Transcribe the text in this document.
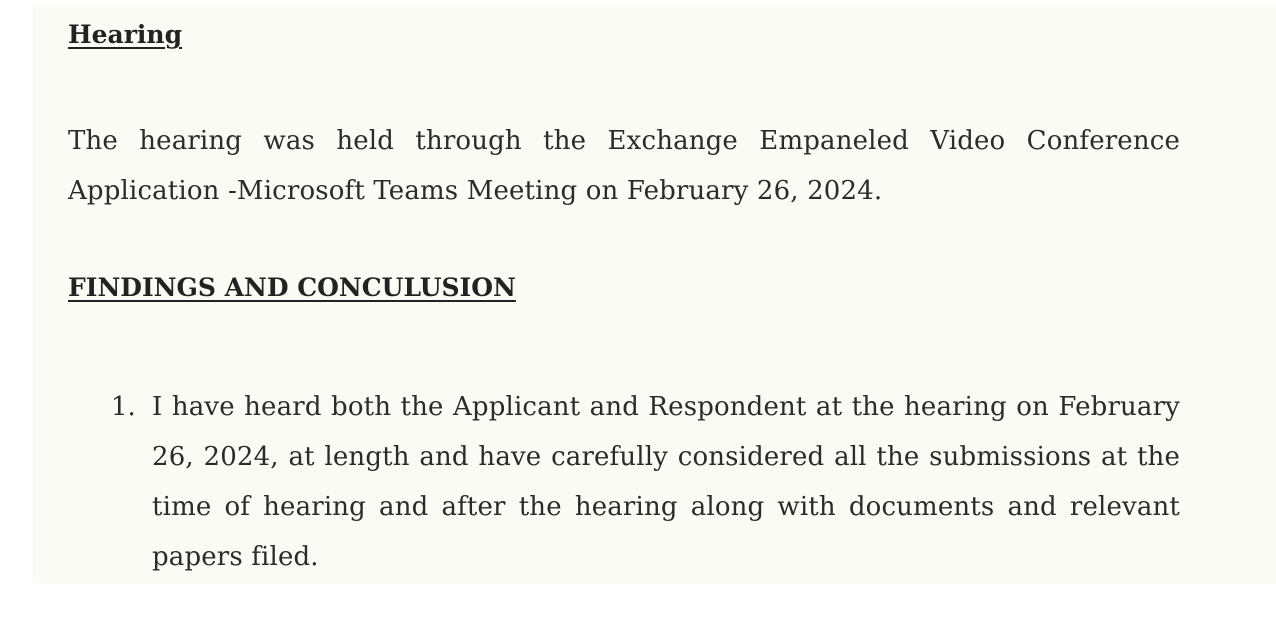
Hearing

The hearing was held through the Exchange Empaneled Video Conference Application -Microsoft Teams Meeting on February 26, 2024.

FINDINGS AND CONCULUSION
1. I have heard both the Applicant and Respondent at the hearing on February 26, 2024, at length and have carefully considered all the submissions at the time of hearing and after the hearing along with documents and relevant papers filed.
